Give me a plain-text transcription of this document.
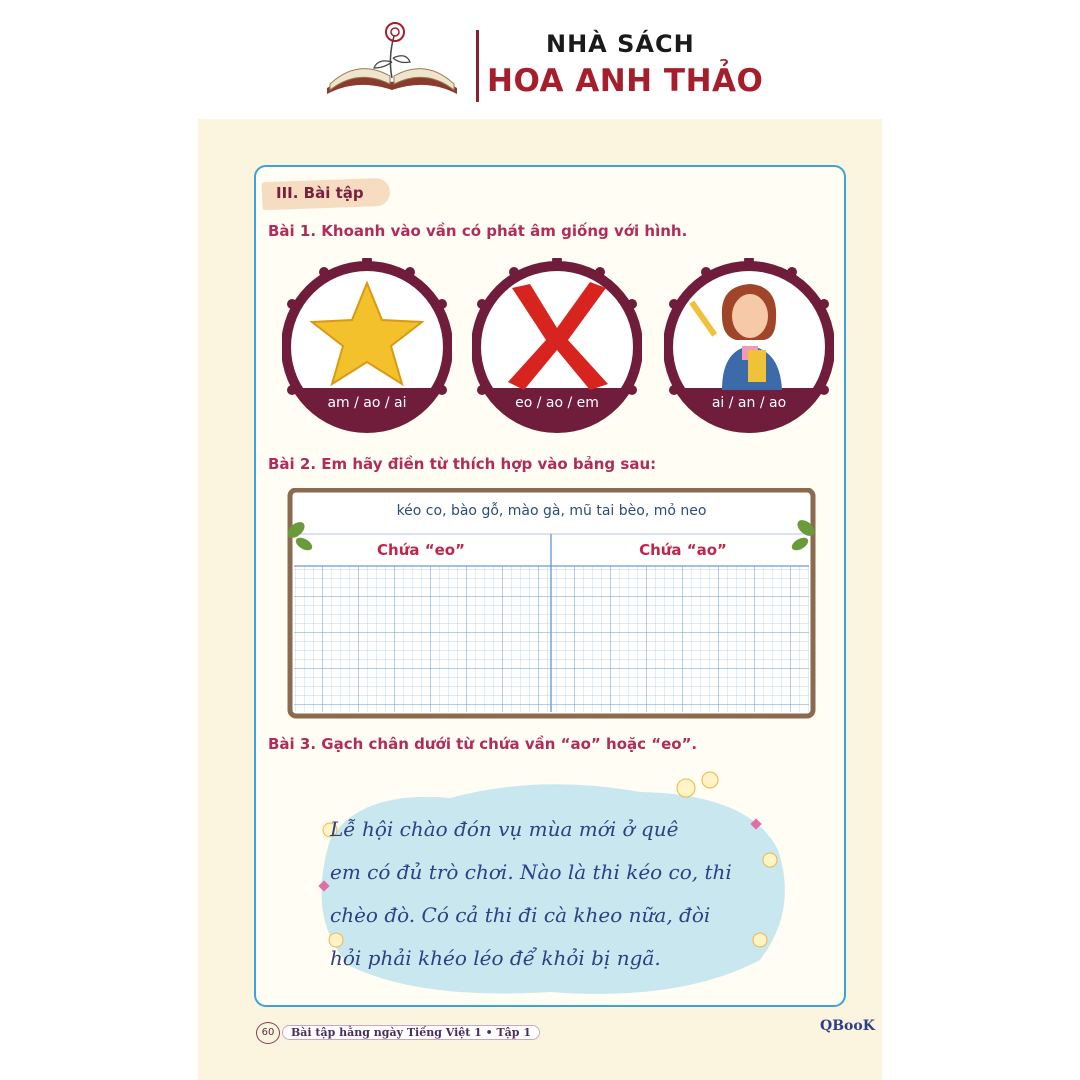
NHÀ SÁCH
HOA ANH THẢO
III. Bài tập
Bài 1. Khoanh vào vần có phát âm giống với hình.
am / ao / ai	eo / ao / em	ai / an / ao
Bài 2. Em hãy điền từ thích hợp vào bảng sau:
kéo co, bào gỗ, mào gà, mũ tai bèo, mỏ neo
Chứa “eo”	Chứa “ao”
Bài 3. Gạch chân dưới từ chứa vần “ao” hoặc “eo”.
Lễ hội chào đón vụ mùa mới ở quê
em có đủ trò chơi. Nào là thi kéo co, thi
chèo đò. Có cả thi đi cà kheo nữa, đòi
hỏi phải khéo léo để khỏi bị ngã.
60	Bài tập hằng ngày Tiếng Việt 1 • Tập 1	QBooK
